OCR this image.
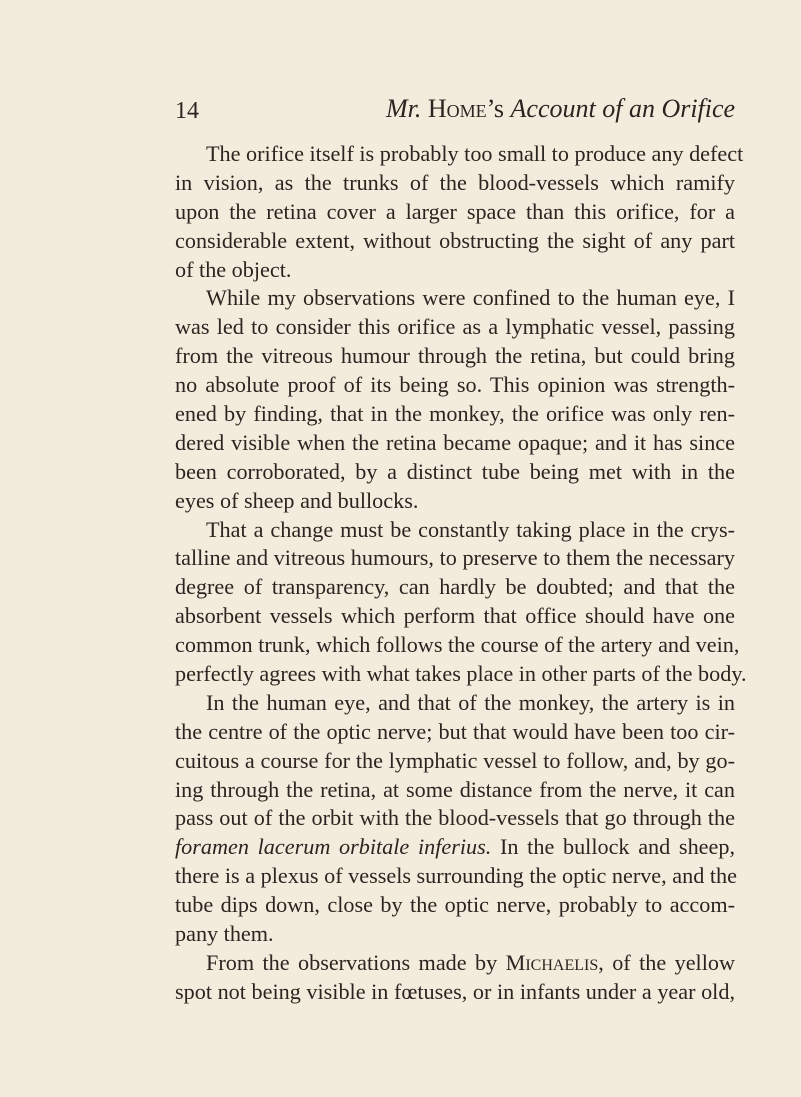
14	Mr. Home’s Account of an Orifice
The orifice itself is probably too small to produce any defect
in vision, as the trunks of the blood-vessels which ramify
upon the retina cover a larger space than this orifice, for a
considerable extent, without obstructing the sight of any part
of the object.
While my observations were confined to the human eye, I
was led to consider this orifice as a lymphatic vessel, passing
from the vitreous humour through the retina, but could bring
no absolute proof of its being so. This opinion was strength-
ened by finding, that in the monkey, the orifice was only ren-
dered visible when the retina became opaque; and it has since
been corroborated, by a distinct tube being met with in the
eyes of sheep and bullocks.
That a change must be constantly taking place in the crys-
talline and vitreous humours, to preserve to them the necessary
degree of transparency, can hardly be doubted; and that the
absorbent vessels which perform that office should have one
common trunk, which follows the course of the artery and vein,
perfectly agrees with what takes place in other parts of the body.
In the human eye, and that of the monkey, the artery is in
the centre of the optic nerve; but that would have been too cir-
cuitous a course for the lymphatic vessel to follow, and, by go-
ing through the retina, at some distance from the nerve, it can
pass out of the orbit with the blood-vessels that go through the
foramen lacerum orbitale inferius. In the bullock and sheep,
there is a plexus of vessels surrounding the optic nerve, and the
tube dips down, close by the optic nerve, probably to accom-
pany them.
From the observations made by Michaelis, of the yellow
spot not being visible in fœtuses, or in infants under a year old,
